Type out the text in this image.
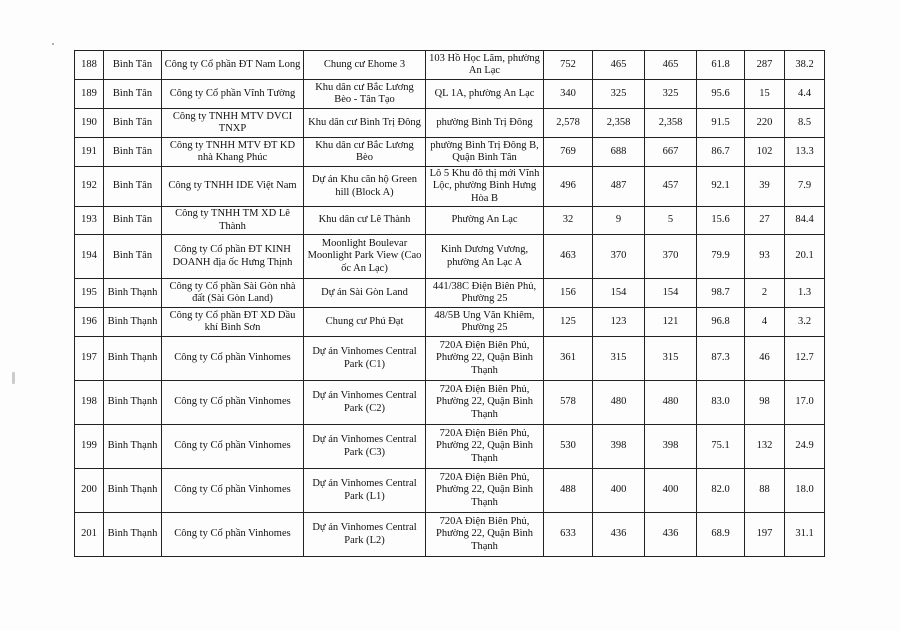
188	Bình Tân	Công ty Cổ phần ĐT Nam Long	Chung cư Ehome 3	103 Hồ Học Lãm, phường An Lạc	752	465	465	61.8	287	38.2
189	Bình Tân	Công ty Cổ phần Vĩnh Tường	Khu dân cư Bắc Lương Bèo - Tân Tạo	QL 1A, phường An Lạc	340	325	325	95.6	15	4.4
190	Bình Tân	Công ty TNHH MTV DVCI TNXP	Khu dân cư Bình Trị Đông	phường Bình Trị Đông	2,578	2,358	2,358	91.5	220	8.5
191	Bình Tân	Công ty TNHH MTV ĐT KD nhà Khang Phúc	Khu dân cư Bắc Lương Bèo	phường Bình Trị Đông B, Quận Bình Tân	769	688	667	86.7	102	13.3
192	Bình Tân	Công ty TNHH IDE Việt Nam	Dự án Khu căn hộ Green hill (Block A)	Lô 5 Khu đô thị mới Vĩnh Lộc, phường Bình Hưng Hòa B	496	487	457	92.1	39	7.9
193	Bình Tân	Công ty TNHH TM XD Lê Thành	Khu dân cư Lê Thành	Phường An Lạc	32	9	5	15.6	27	84.4
194	Bình Tân	Công ty Cổ phần ĐT KINH DOANH địa ốc Hưng Thịnh	Moonlight Boulevar Moonlight Park View (Cao ốc An Lạc)	Kinh Dương Vương, phường An Lạc A	463	370	370	79.9	93	20.1
195	Bình Thạnh	Công ty Cổ phần Sài Gòn nhà đất (Sài Gòn Land)	Dự án Sài Gòn Land	441/38C Điện Biên Phủ, Phường 25	156	154	154	98.7	2	1.3
196	Bình Thạnh	Công ty Cổ phần ĐT XD Dầu khí Bình Sơn	Chung cư Phú Đạt	48/5B Ung Văn Khiêm, Phường 25	125	123	121	96.8	4	3.2
197	Bình Thạnh	Công ty Cổ phần Vinhomes	Dự án Vinhomes Central Park (C1)	720A Điện Biên Phủ, Phường 22, Quận Bình Thạnh	361	315	315	87.3	46	12.7
198	Bình Thạnh	Công ty Cổ phần Vinhomes	Dự án Vinhomes Central Park (C2)	720A Điện Biên Phủ, Phường 22, Quận Bình Thạnh	578	480	480	83.0	98	17.0
199	Bình Thạnh	Công ty Cổ phần Vinhomes	Dự án Vinhomes Central Park (C3)	720A Điện Biên Phủ, Phường 22, Quận Bình Thạnh	530	398	398	75.1	132	24.9
200	Bình Thạnh	Công ty Cổ phần Vinhomes	Dự án Vinhomes Central Park (L1)	720A Điện Biên Phủ, Phường 22, Quận Bình Thạnh	488	400	400	82.0	88	18.0
201	Bình Thạnh	Công ty Cổ phần Vinhomes	Dự án Vinhomes Central Park (L2)	720A Điện Biên Phủ, Phường 22, Quận Bình Thạnh	633	436	436	68.9	197	31.1
